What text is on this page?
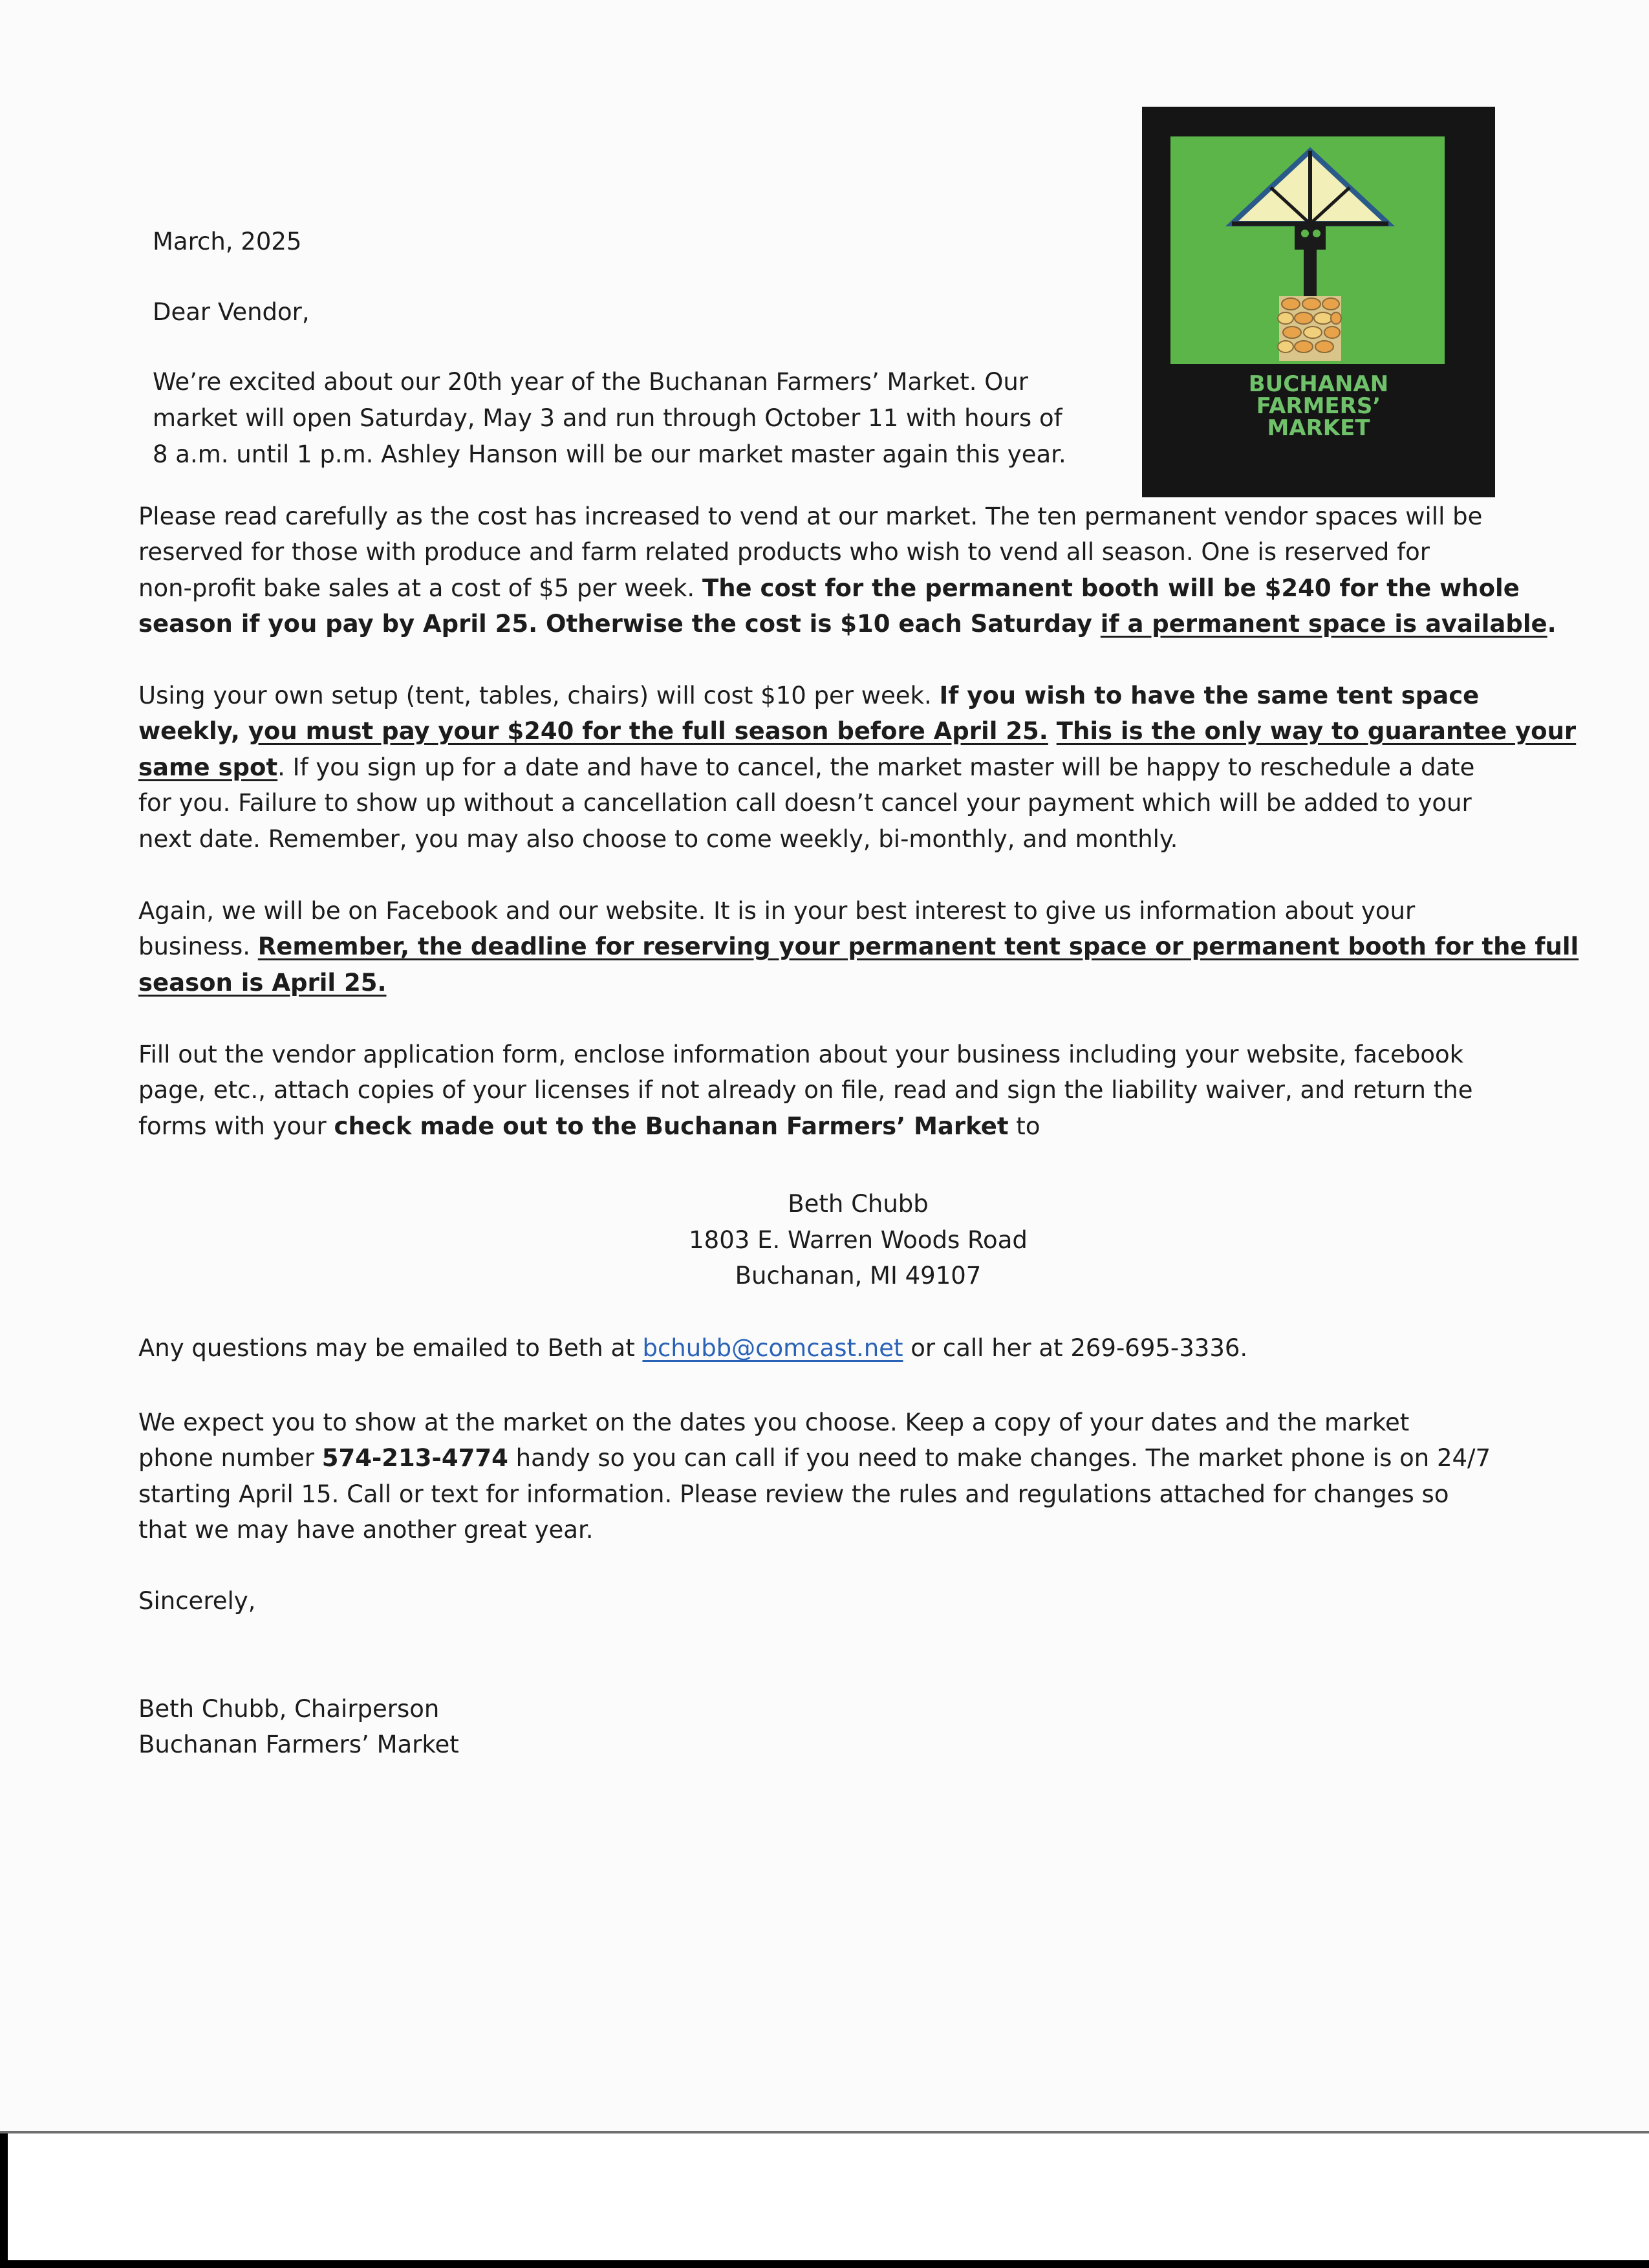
March, 2025
Dear Vendor,
We’re excited about our 20th year of the Buchanan Farmers’ Market. Our
market will open Saturday, May 3 and run through October 11 with hours of
8 a.m. until 1 p.m. Ashley Hanson will be our market master again this year.
BUCHANAN
FARMERS’
MARKET
Please read carefully as the cost has increased to vend at our market. The ten permanent vendor spaces will be
reserved for those with produce and farm related products who wish to vend all season. One is reserved for
non-profit bake sales at a cost of $5 per week. The cost for the permanent booth will be $240 for the whole
season if you pay by April 25. Otherwise the cost is $10 each Saturday if a permanent space is available.
Using your own setup (tent, tables, chairs) will cost $10 per week. If you wish to have the same tent space
weekly, you must pay your $240 for the full season before April 25. This is the only way to guarantee your
same spot. If you sign up for a date and have to cancel, the market master will be happy to reschedule a date
for you. Failure to show up without a cancellation call doesn’t cancel your payment which will be added to your
next date. Remember, you may also choose to come weekly, bi-monthly, and monthly.
Again, we will be on Facebook and our website. It is in your best interest to give us information about your
business. Remember, the deadline for reserving your permanent tent space or permanent booth for the full
season is April 25.
Fill out the vendor application form, enclose information about your business including your website, facebook
page, etc., attach copies of your licenses if not already on file, read and sign the liability waiver, and return the
forms with your check made out to the Buchanan Farmers’ Market to
Beth Chubb
1803 E. Warren Woods Road
Buchanan, MI 49107
Any questions may be emailed to Beth at bchubb@comcast.net or call her at 269-695-3336.
We expect you to show at the market on the dates you choose. Keep a copy of your dates and the market
phone number 574-213-4774 handy so you can call if you need to make changes. The market phone is on 24/7
starting April 15. Call or text for information. Please review the rules and regulations attached for changes so
that we may have another great year.
Sincerely,
Beth Chubb, Chairperson
Buchanan Farmers’ Market
